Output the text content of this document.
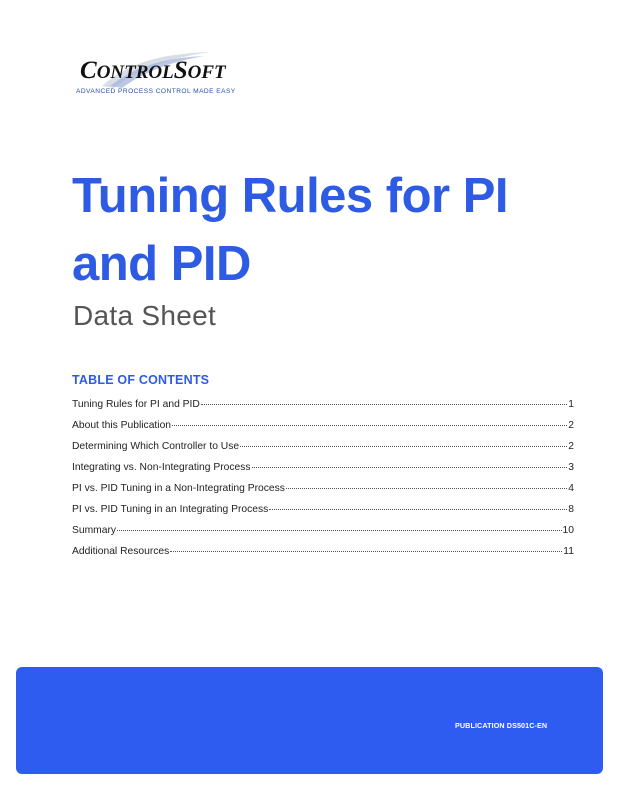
CONTROLSOFT
ADVANCED PROCESS CONTROL MADE EASY
Tuning Rules for PI
and PID
Data Sheet
TABLE OF CONTENTS
Tuning Rules for PI and PID	1
About this Publication	2
Determining Which Controller to Use	2
Integrating vs. Non-Integrating Process	3
PI vs. PID Tuning in a Non-Integrating Process	4
PI vs. PID Tuning in an Integrating Process	8
Summary	10
Additional Resources	11
PUBLICATION DS501C-EN
